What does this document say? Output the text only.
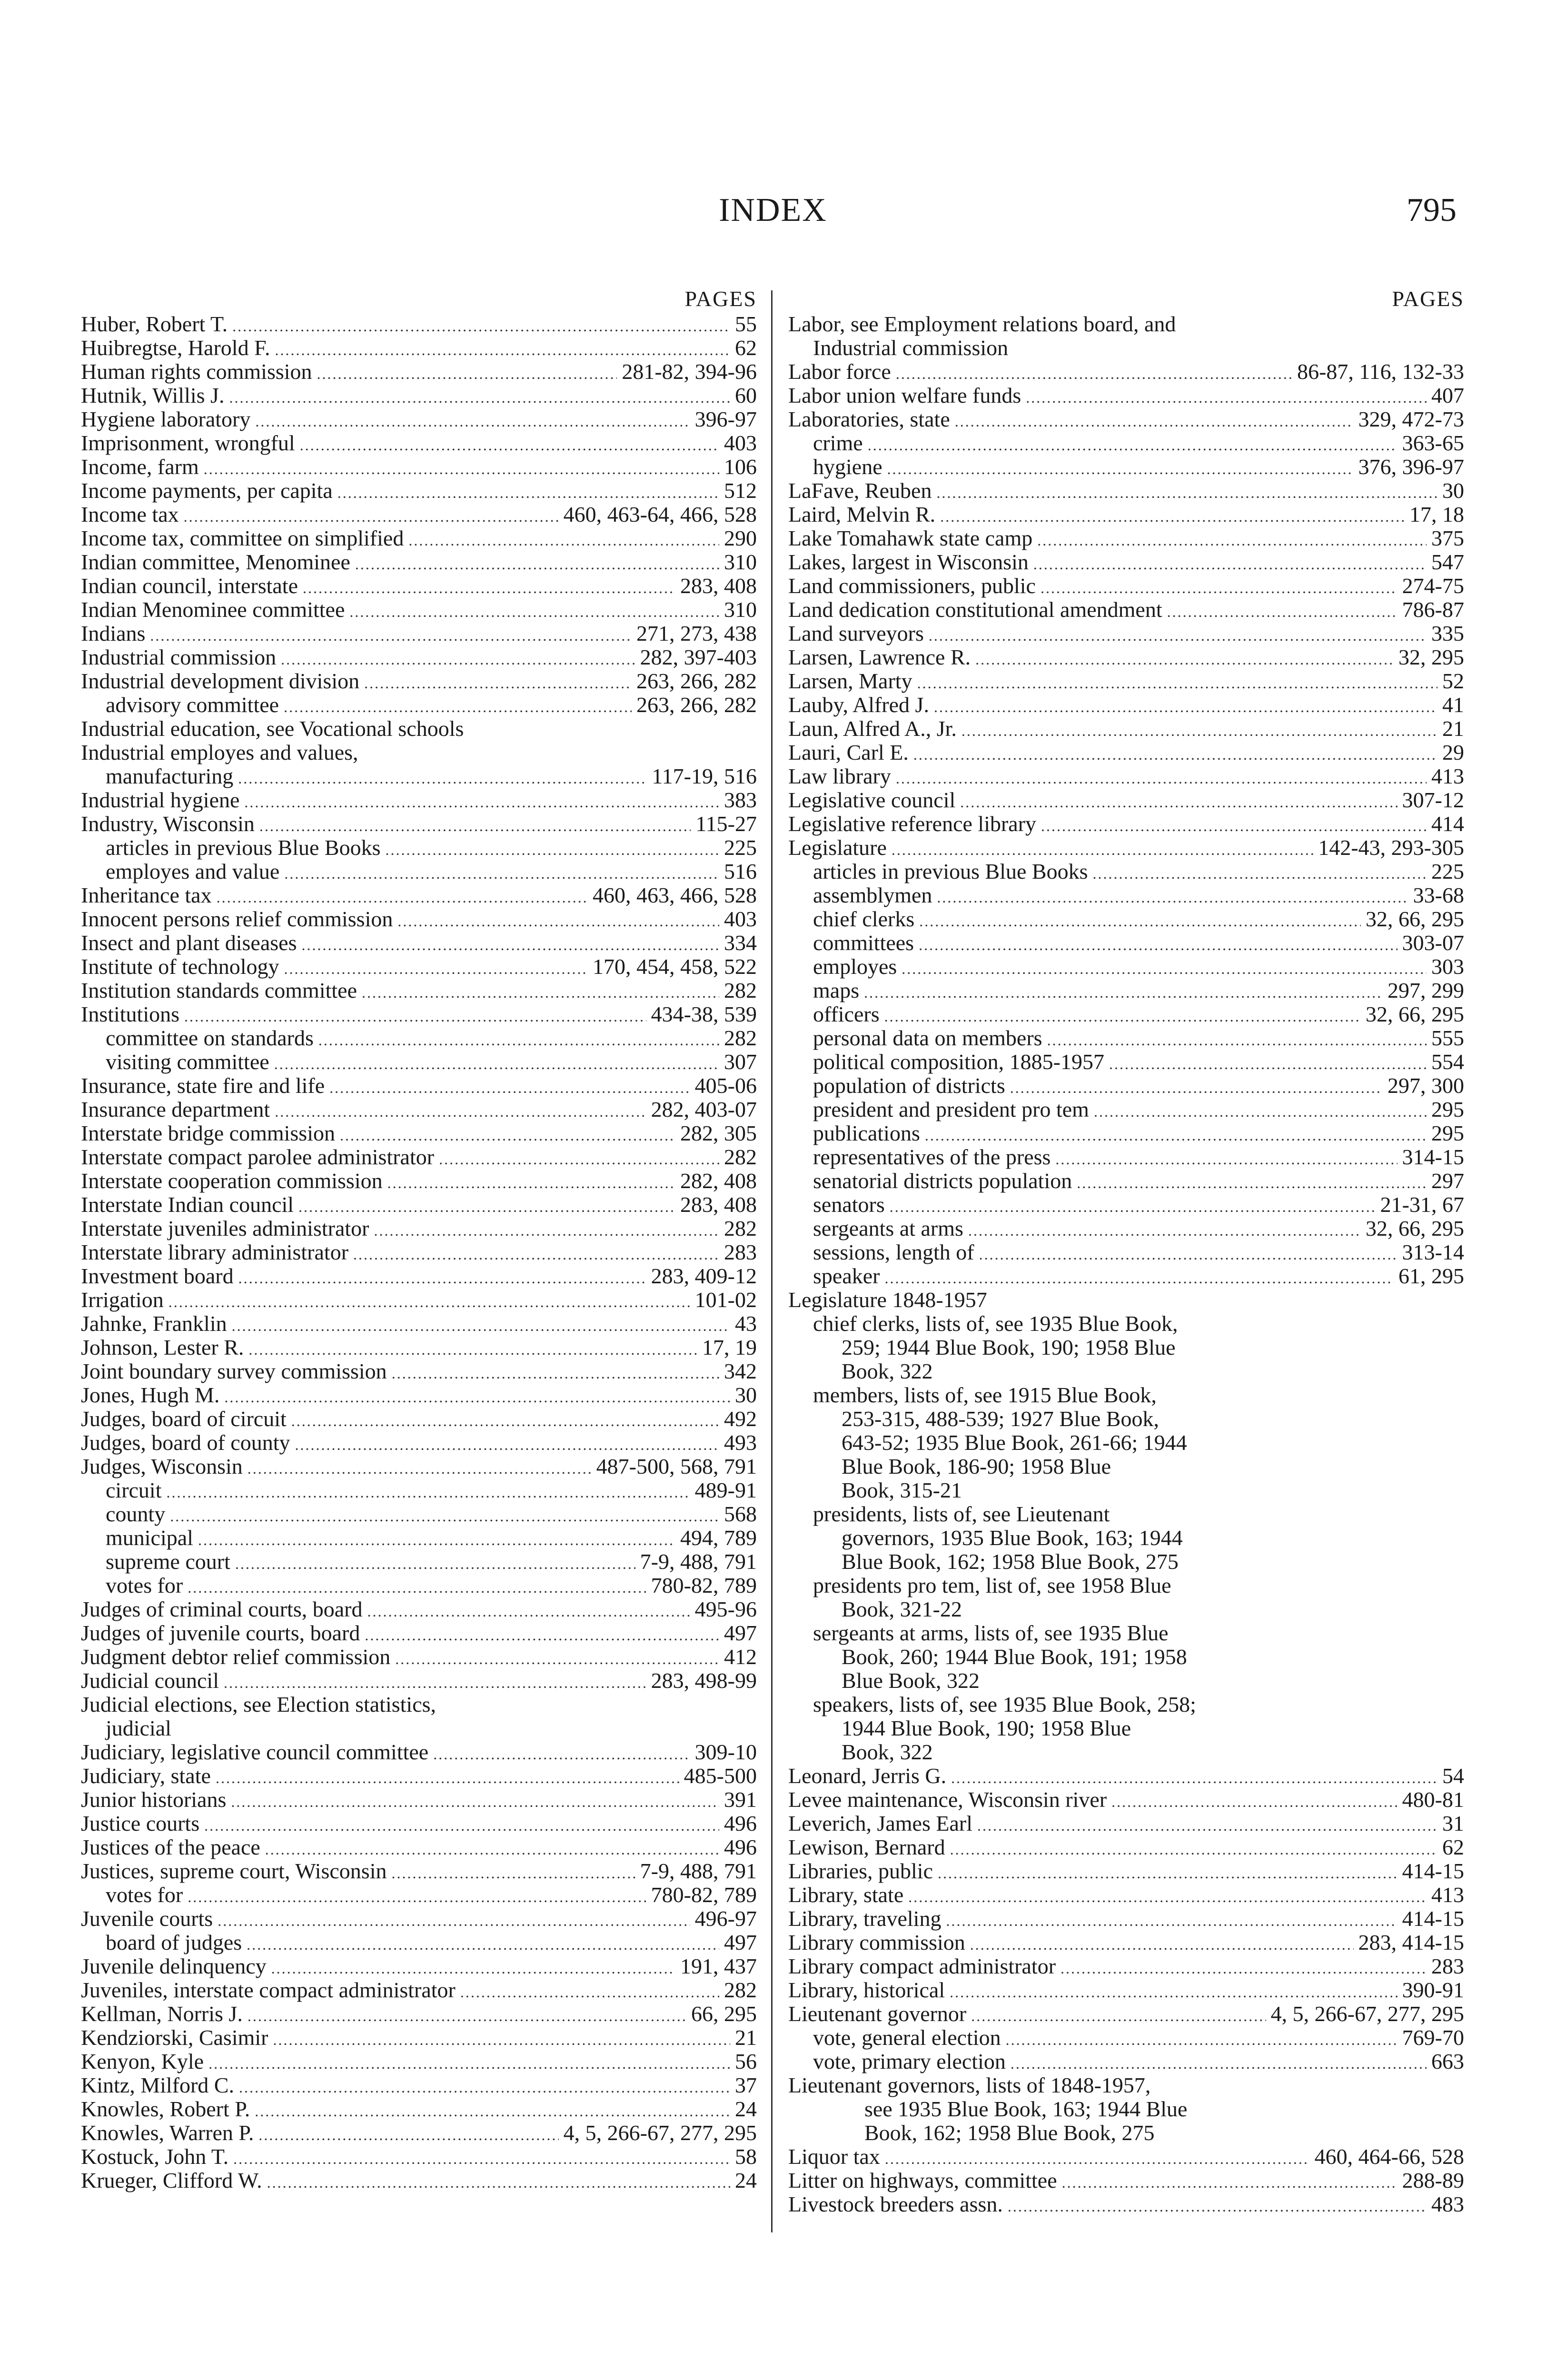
INDEX	795
PAGES
Huber, Robert T. .....	55
Huibregtse, Harold F. .....	62
Human rights commission .....	281-82, 394-96
Hutnik, Willis J. .....	60
Hygiene laboratory .....	396-97
Imprisonment, wrongful .....	403
Income, farm .....	106
Income payments, per capita .....	512
Income tax .....	460, 463-64, 466, 528
Income tax, committee on simplified .....	290
Indian committee, Menominee .....	310
Indian council, interstate .....	283, 408
Indian Menominee committee .....	310
Indians .....	271, 273, 438
Industrial commission .....	282, 397-403
Industrial development division .....	263, 266, 282
advisory committee .....	263, 266, 282
Industrial education, see Vocational schools
Industrial employes and values,
manufacturing .....	117-19, 516
Industrial hygiene .....	383
Industry, Wisconsin .....	115-27
articles in previous Blue Books .....	225
employes and value .....	516
Inheritance tax .....	460, 463, 466, 528
Innocent persons relief commission .....	403
Insect and plant diseases .....	334
Institute of technology .....	170, 454, 458, 522
Institution standards committee .....	282
Institutions .....	434-38, 539
committee on standards .....	282
visiting committee .....	307
Insurance, state fire and life .....	405-06
Insurance department .....	282, 403-07
Interstate bridge commission .....	282, 305
Interstate compact parolee administrator .....	282
Interstate cooperation commission .....	282, 408
Interstate Indian council .....	283, 408
Interstate juveniles administrator .....	282
Interstate library administrator .....	283
Investment board .....	283, 409-12
Irrigation .....	101-02
Jahnke, Franklin .....	43
Johnson, Lester R. .....	17, 19
Joint boundary survey commission .....	342
Jones, Hugh M. .....	30
Judges, board of circuit .....	492
Judges, board of county .....	493
Judges, Wisconsin .....	487-500, 568, 791
circuit .....	489-91
county .....	568
municipal .....	494, 789
supreme court .....	7-9, 488, 791
votes for .....	780-82, 789
Judges of criminal courts, board .....	495-96
Judges of juvenile courts, board .....	497
Judgment debtor relief commission .....	412
Judicial council .....	283, 498-99
Judicial elections, see Election statistics,
judicial
Judiciary, legislative council committee .....	309-10
Judiciary, state .....	485-500
Junior historians .....	391
Justice courts .....	496
Justices of the peace .....	496
Justices, supreme court, Wisconsin .....	7-9, 488, 791
votes for .....	780-82, 789
Juvenile courts .....	496-97
board of judges .....	497
Juvenile delinquency .....	191, 437
Juveniles, interstate compact administrator .....	282
Kellman, Norris J. .....	66, 295
Kendziorski, Casimir .....	21
Kenyon, Kyle .....	56
Kintz, Milford C. .....	37
Knowles, Robert P. .....	24
Knowles, Warren P. .....	4, 5, 266-67, 277, 295
Kostuck, John T. .....	58
Krueger, Clifford W. .....	24
PAGES
Labor, see Employment relations board, and
Industrial commission
Labor force .....	86-87, 116, 132-33
Labor union welfare funds .....	407
Laboratories, state .....	329, 472-73
crime .....	363-65
hygiene .....	376, 396-97
LaFave, Reuben .....	30
Laird, Melvin R. .....	17, 18
Lake Tomahawk state camp .....	375
Lakes, largest in Wisconsin .....	547
Land commissioners, public .....	274-75
Land dedication constitutional amendment .....	786-87
Land surveyors .....	335
Larsen, Lawrence R. .....	32, 295
Larsen, Marty .....	52
Lauby, Alfred J. .....	41
Laun, Alfred A., Jr. .....	21
Lauri, Carl E. .....	29
Law library .....	413
Legislative council .....	307-12
Legislative reference library .....	414
Legislature .....	142-43, 293-305
articles in previous Blue Books .....	225
assemblymen .....	33-68
chief clerks .....	32, 66, 295
committees .....	303-07
employes .....	303
maps .....	297, 299
officers .....	32, 66, 295
personal data on members .....	555
political composition, 1885-1957 .....	554
population of districts .....	297, 300
president and president pro tem .....	295
publications .....	295
representatives of the press .....	314-15
senatorial districts population .....	297
senators .....	21-31, 67
sergeants at arms .....	32, 66, 295
sessions, length of .....	313-14
speaker .....	61, 295
Legislature 1848-1957
chief clerks, lists of, see 1935 Blue Book,
259; 1944 Blue Book, 190; 1958 Blue
Book, 322
members, lists of, see 1915 Blue Book,
253-315, 488-539; 1927 Blue Book,
643-52; 1935 Blue Book, 261-66; 1944
Blue Book, 186-90; 1958 Blue
Book, 315-21
presidents, lists of, see Lieutenant
governors, 1935 Blue Book, 163; 1944
Blue Book, 162; 1958 Blue Book, 275
presidents pro tem, list of, see 1958 Blue
Book, 321-22
sergeants at arms, lists of, see 1935 Blue
Book, 260; 1944 Blue Book, 191; 1958
Blue Book, 322
speakers, lists of, see 1935 Blue Book, 258;
1944 Blue Book, 190; 1958 Blue
Book, 322
Leonard, Jerris G. .....	54
Levee maintenance, Wisconsin river .....	480-81
Leverich, James Earl .....	31
Lewison, Bernard .....	62
Libraries, public .....	414-15
Library, state .....	413
Library, traveling .....	414-15
Library commission .....	283, 414-15
Library compact administrator .....	283
Library, historical .....	390-91
Lieutenant governor .....	4, 5, 266-67, 277, 295
vote, general election .....	769-70
vote, primary election .....	663
Lieutenant governors, lists of 1848-1957,
see 1935 Blue Book, 163; 1944 Blue
Book, 162; 1958 Blue Book, 275
Liquor tax .....	460, 464-66, 528
Litter on highways, committee .....	288-89
Livestock breeders assn. .....	483
